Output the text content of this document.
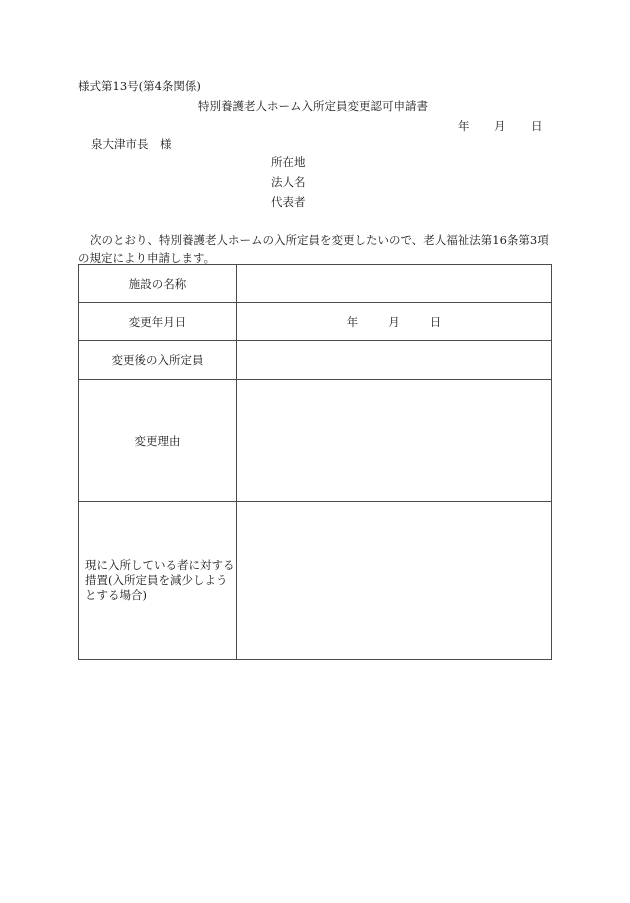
様式第13号(第4条関係)
特別養護老人ホーム入所定員変更認可申請書
年 月 日
泉大津市長　様
所在地
法人名
代表者
次のとおり、特別養護老人ホームの入所定員を変更したいので、老人福祉法第16条第3項の規定により申請します。
施設の名称	
変更年月日	年 月 日
変更後の入所定員	
変更理由	
現に入所している者に対する措置(入所定員を減少しようとする場合)	
